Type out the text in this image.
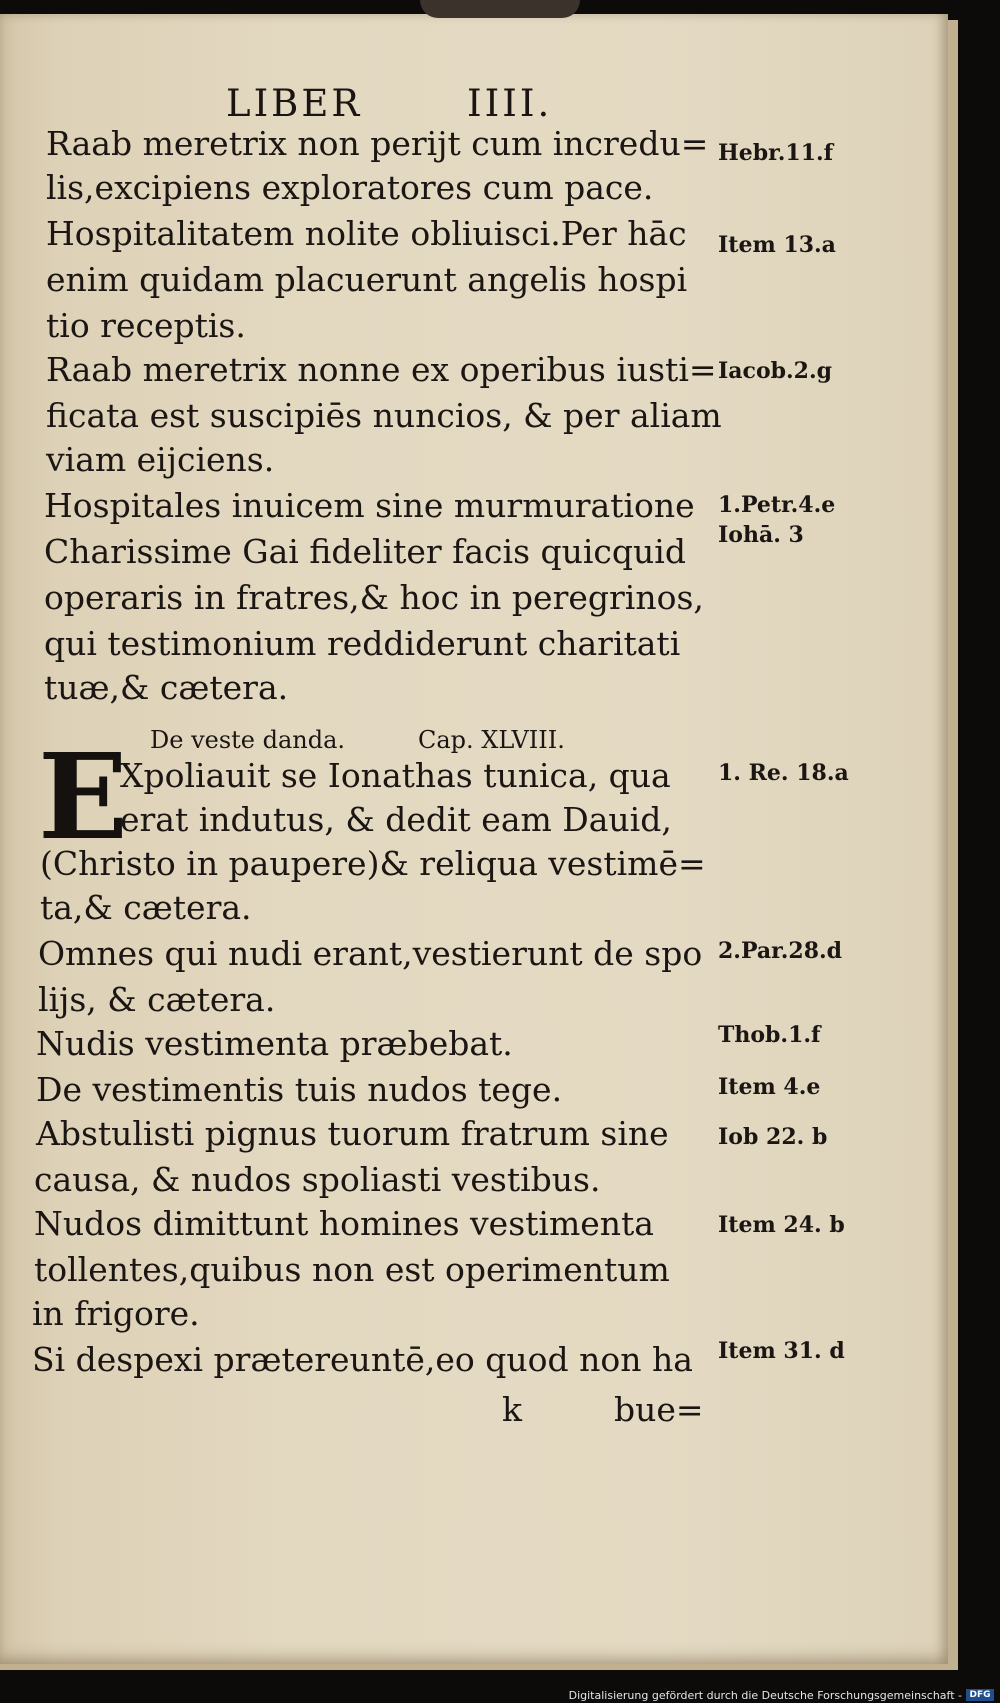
LIBER	IIII.
Raab meretrix non perijt cum incredu=
lis,excipiens exploratores cum pace.
Hospitalitatem nolite obliuisci.Per hāc
enim quidam placuerunt angelis hospi
tio receptis.
Raab meretrix nonne ex operibus iusti=
ficata est suscipiēs nuncios, & per aliam
viam eijciens.
Hospitales inuicem sine murmuratione
Charissime Gai fideliter facis quicquid
operaris in fratres,& hoc in peregrinos,
qui testimonium reddiderunt charitati
tuæ,& cætera.
Xpoliauit se Ionathas tunica, qua
erat indutus, & dedit eam Dauid,
(Christo in paupere)& reliqua vestimē=
ta,& cætera.
Omnes qui nudi erant,vestierunt de spo
lijs, & cætera.
Nudis vestimenta præbebat.
De vestimentis tuis nudos tege.
Abstulisti pignus tuorum fratrum sine
causa, & nudos spoliasti vestibus.
Nudos dimittunt homines vestimenta
tollentes,quibus non est operimentum
in frigore.
Si despexi prætereuntē,eo quod non ha
Hebr.11.f
Item 13.a
Iacob.2.g
1.Petr.4.e
Iohā. 3
1. Re. 18.a
2.Par.28.d
Thob.1.f
Item 4.e
Iob 22. b
Item 24. b
Item 31. d
De veste danda.	Cap. XLVIII.
E
k	bue=
Digitalisierung gefördert durch die Deutsche Forschungsgemeinschaft - DFG
